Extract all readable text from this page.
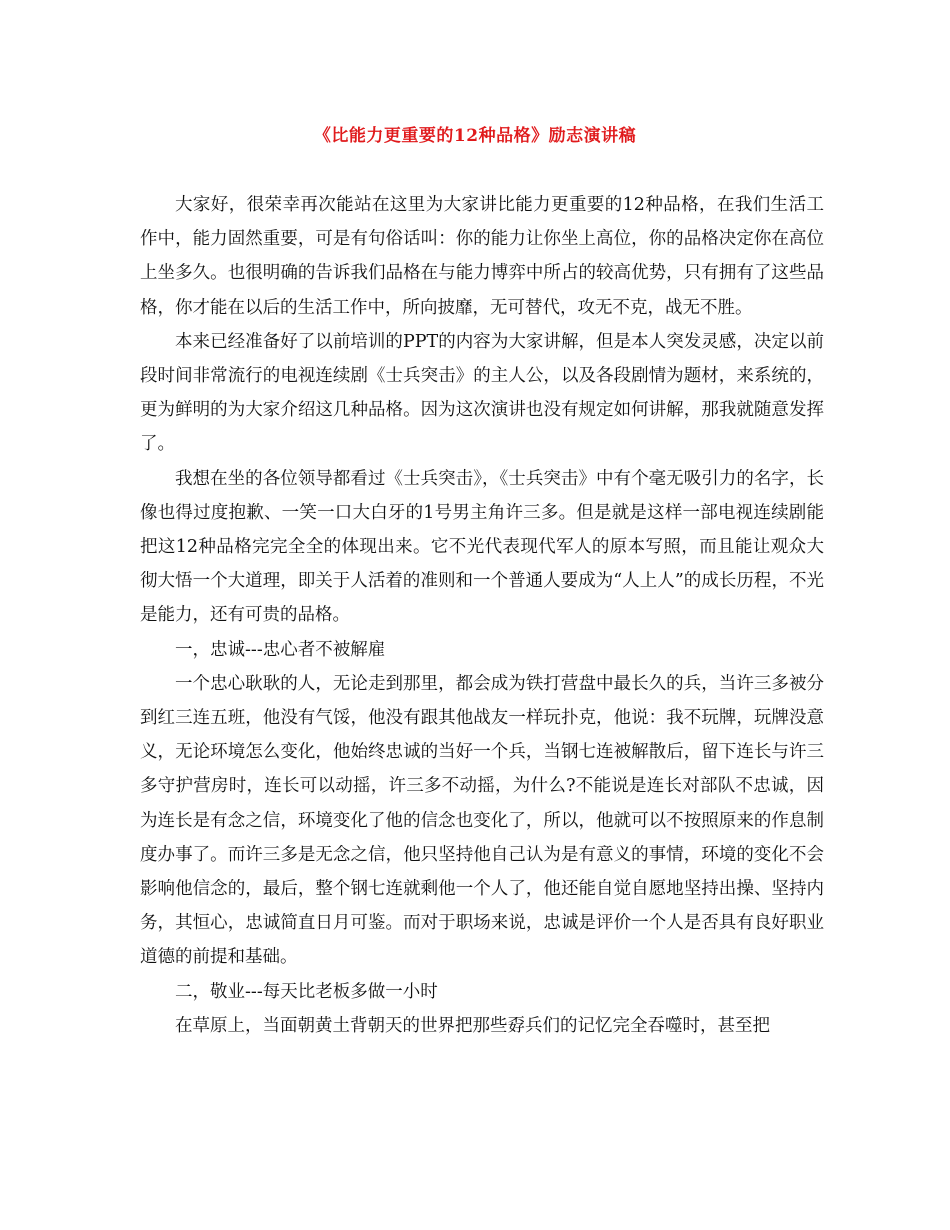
《比能力更重要的12种品格》励志演讲稿

大家好，很荣幸再次能站在这里为大家讲比能力更重要的12种品格，在我们生活工作中，能力固然重要，可是有句俗话叫：你的能力让你坐上高位，你的品格决定你在高位上坐多久。也很明确的告诉我们品格在与能力博弈中所占的较高优势，只有拥有了这些品格，你才能在以后的生活工作中，所向披靡，无可替代，攻无不克，战无不胜。

本来已经准备好了以前培训的PPT的内容为大家讲解，但是本人突发灵感，决定以前段时间非常流行的电视连续剧《士兵突击》的主人公，以及各段剧情为题材，来系统的，更为鲜明的为大家介绍这几种品格。因为这次演讲也没有规定如何讲解，那我就随意发挥了。

我想在坐的各位领导都看过《士兵突击》，《士兵突击》中有个毫无吸引力的名字，长像也得过度抱歉、一笑一口大白牙的1号男主角许三多。但是就是这样一部电视连续剧能把这12种品格完完全全的体现出来。它不光代表现代军人的原本写照，而且能让观众大彻大悟一个大道理，即关于人活着的准则和一个普通人要成为“人上人”的成长历程，不光是能力，还有可贵的品格。

一，忠诚---忠心者不被解雇

一个忠心耿耿的人，无论走到那里，都会成为铁打营盘中最长久的兵，当许三多被分到红三连五班，他没有气馁，他没有跟其他战友一样玩扑克，他说：我不玩牌，玩牌没意义，无论环境怎么变化，他始终忠诚的当好一个兵，当钢七连被解散后，留下连长与许三多守护营房时，连长可以动摇，许三多不动摇，为什么?不能说是连长对部队不忠诚，因为连长是有念之信，环境变化了他的信念也变化了，所以，他就可以不按照原来的作息制度办事了。而许三多是无念之信，他只坚持他自己认为是有意义的事情，环境的变化不会影响他信念的，最后，整个钢七连就剩他一个人了，他还能自觉自愿地坚持出操、坚持内务，其恒心，忠诚简直日月可鉴。而对于职场来说，忠诚是评价一个人是否具有良好职业道德的前提和基础。

二，敬业---每天比老板多做一小时

在草原上，当面朝黄土背朝天的世界把那些孬兵们的记忆完全吞噬时，甚至把
